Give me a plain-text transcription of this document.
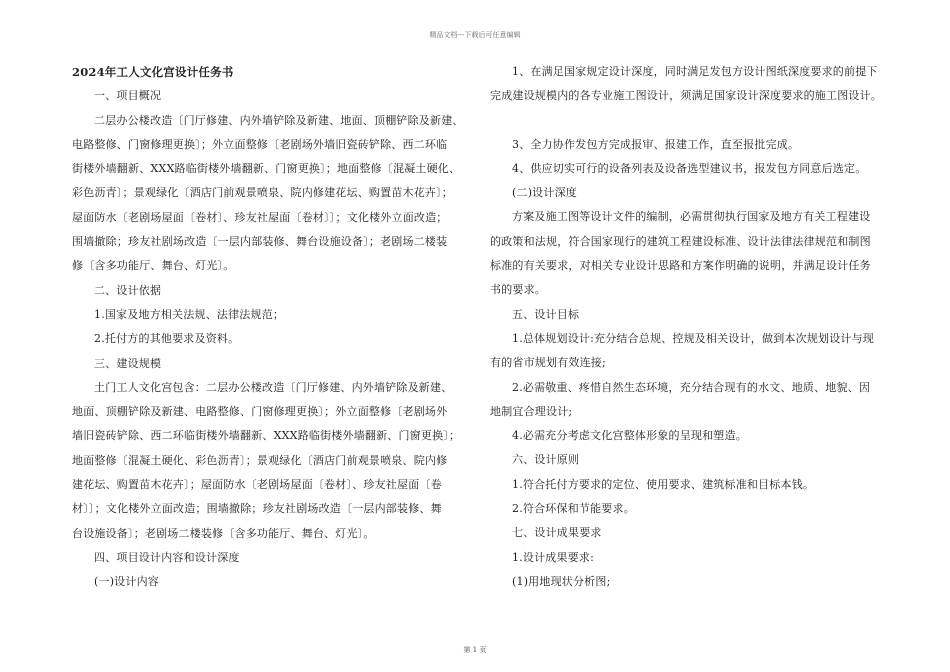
精品文档---下载后可任意编辑

2024年工人文化宫设计任务书

一、项目概况

二层办公楼改造〔门厅修建、内外墙铲除及新建、地面、顶棚铲除及新建、

电路整修、门窗修理更换〕；外立面整修〔老剧场外墙旧瓷砖铲除、西二环临

街楼外墙翻新、XXX路临街楼外墙翻新、门窗更换〕；地面整修〔混凝土硬化、

彩色沥青〕；景观绿化〔酒店门前观景喷泉、院内修建花坛、购置苗木花卉〕；

屋面防水〔老剧场屋面〔卷材〕、珍友社屋面〔卷材〕〕；文化楼外立面改造；

围墙撤除；珍友社剧场改造〔一层内部装修、舞台设施设备〕；老剧场二楼装

修〔含多功能厅、舞台、灯光〕。

二、设计依据

1.国家及地方相关法规、法律法规范；

2.托付方的其他要求及资料。

三、建设规模

土门工人文化宫包含：二层办公楼改造〔门厅修建、内外墙铲除及新建、

地面、顶棚铲除及新建、电路整修、门窗修理更换〕；外立面整修〔老剧场外

墙旧瓷砖铲除、西二环临街楼外墙翻新、XXX路临街楼外墙翻新、门窗更换〕；

地面整修〔混凝土硬化、彩色沥青〕；景观绿化〔酒店门前观景喷泉、院内修

建花坛、购置苗木花卉〕；屋面防水〔老剧场屋面〔卷材〕、珍友社屋面〔卷

材〕〕；文化楼外立面改造；围墙撤除；珍友社剧场改造〔一层内部装修、舞

台设施设备〕；老剧场二楼装修〔含多功能厅、舞台、灯光〕。

四、项目设计内容和设计深度

(一)设计内容

1、在满足国家规定设计深度，同时满足发包方设计图纸深度要求的前提下

完成建设规模内的各专业施工图设计，须满足国家设计深度要求的施工图设计。

3、全力协作发包方完成报审、报建工作，直至报批完成。

4、供应切实可行的设备列表及设备选型建议书，报发包方同意后选定。

(二)设计深度

方案及施工图等设计文件的编制，必需贯彻执行国家及地方有关工程建设

的政策和法规，符合国家现行的建筑工程建设标准、设计法律法律规范和制图

标准的有关要求，对相关专业设计思路和方案作明确的说明，并满足设计任务

书的要求。

五、设计目标

1.总体规划设计:充分结合总规、控规及相关设计，做到本次规划设计与现

有的省市规划有效连接;

2.必需敬重、疼惜自然生态环境，充分结合现有的水文、地质、地貌、因

地制宜合理设计;

4.必需充分考虑文化宫整体形象的呈现和塑造。

六、设计原则

1.符合托付方要求的定位、使用要求、建筑标准和目标本钱。

2.符合环保和节能要求。

七、设计成果要求

1.设计成果要求:

(1)用地现状分析图;

第 1 页
